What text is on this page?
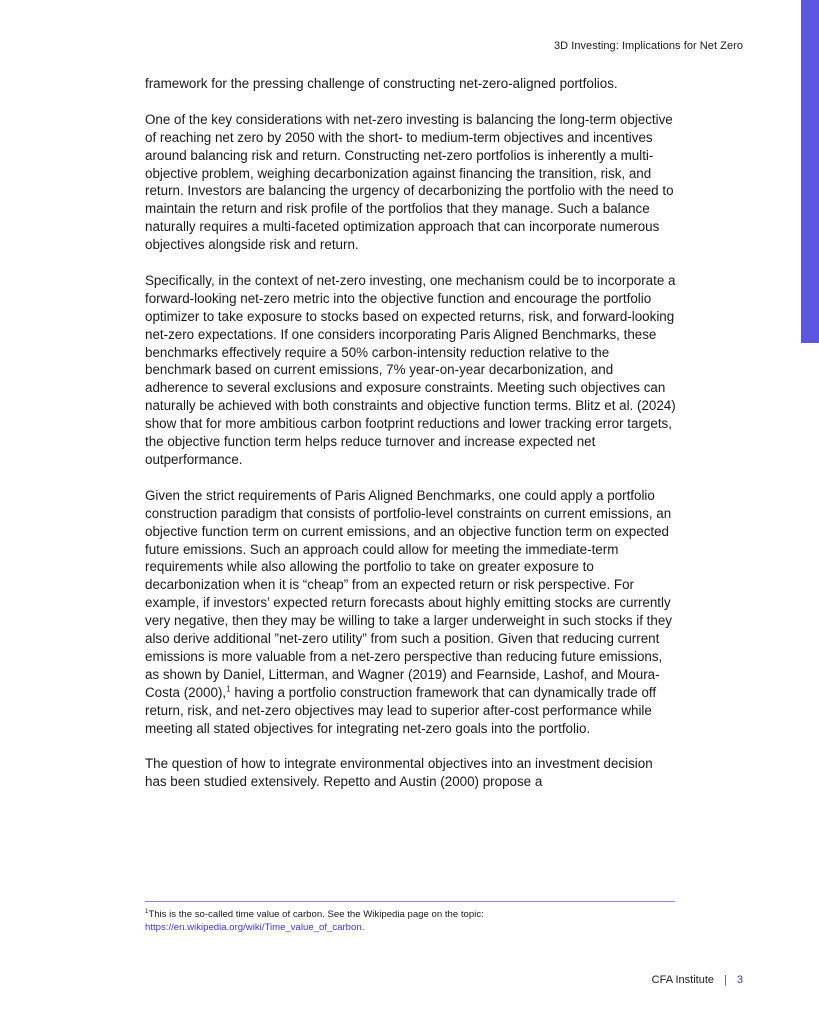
3D Investing: Implications for Net Zero

framework for the pressing challenge of constructing net-zero-aligned portfolios.

One of the key considerations with net-zero investing is balancing the long-term objective of reaching net zero by 2050 with the short- to medium-term objectives and incentives around balancing risk and return. Constructing net-zero portfolios is inherently a multi-objective problem, weighing decarbonization against financing the transition, risk, and return. Investors are balancing the urgency of decarbonizing the portfolio with the need to maintain the return and risk profile of the portfolios that they manage. Such a balance naturally requires a multi-faceted optimization approach that can incorporate numerous objectives alongside risk and return.

Specifically, in the context of net-zero investing, one mechanism could be to incorporate a forward-looking net-zero metric into the objective function and encourage the portfolio optimizer to take exposure to stocks based on expected returns, risk, and forward-looking net-zero expectations. If one considers incorporating Paris Aligned Benchmarks, these benchmarks effectively require a 50% carbon-intensity reduction relative to the benchmark based on current emissions, 7% year-on-year decarbonization, and adherence to several exclusions and exposure constraints. Meeting such objectives can naturally be achieved with both constraints and objective function terms. Blitz et al. (2024) show that for more ambitious carbon footprint reductions and lower tracking error targets, the objective function term helps reduce turnover and increase expected net outperformance.

Given the strict requirements of Paris Aligned Benchmarks, one could apply a portfolio construction paradigm that consists of portfolio-level constraints on current emissions, an objective function term on current emissions, and an objective function term on expected future emissions. Such an approach could allow for meeting the immediate-term requirements while also allowing the portfolio to take on greater exposure to decarbonization when it is “cheap” from an expected return or risk perspective. For example, if investors’ expected return forecasts about highly emitting stocks are currently very negative, then they may be willing to take a larger underweight in such stocks if they also derive additional ”net-zero utility” from such a position. Given that reducing current emissions is more valuable from a net-zero perspective than reducing future emissions, as shown by Daniel, Litterman, and Wagner (2019) and Fearnside, Lashof, and Moura-Costa (2000),$^1$ having a portfolio construction framework that can dynamically trade off return, risk, and net-zero objectives may lead to superior after-cost performance while meeting all stated objectives for integrating net-zero goals into the portfolio.

The question of how to integrate environmental objectives into an investment decision has been studied extensively. Repetto and Austin (2000) propose a

$^1$This is the so-called time value of carbon. See the Wikipedia page on the topic: https://en.wikipedia.org/wiki/Time_value_of_carbon.
CFA Institute | 3
